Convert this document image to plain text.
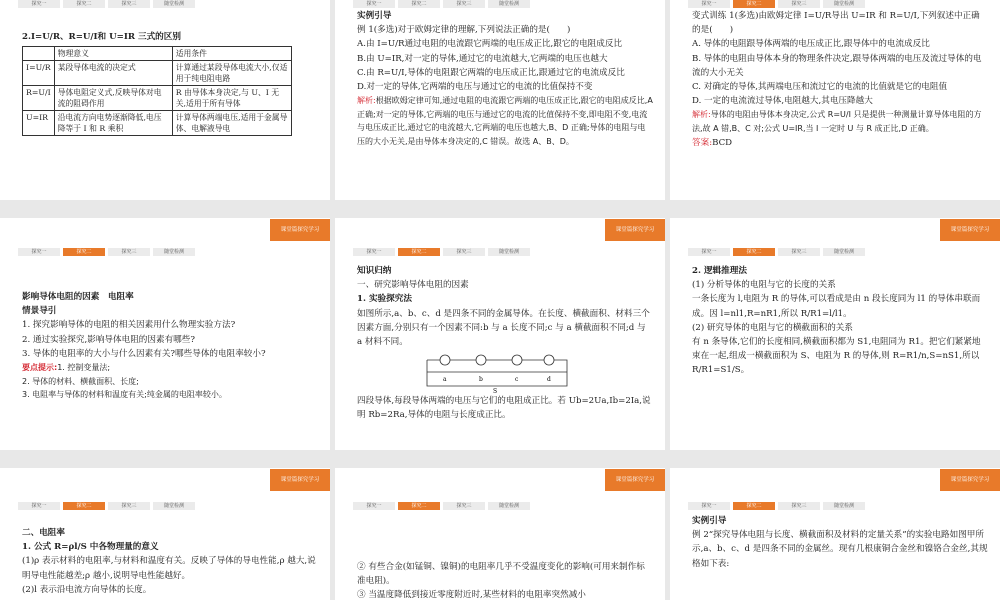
探究一	探究二	探究三	随堂检测

2.I=U/R、R=U/I和 U=IR 三式的区别

	物理意义	适用条件
I=U/R	某段导体电流的决定式	计算通过某段导体电流大小,仅适用于纯电阻电路
R=U/I	导体电阻定义式,反映导体对电流的阻碍作用	R 由导体本身决定,与 U、I 无关,适用于所有导体
U=IR	沿电流方向电势逐渐降低,电压降等于 I 和 R 乘积	计算导体两端电压,适用于金属导体、电解液导电
探究一	探究二	探究三	随堂检测

实例引导

例 1(多选)对于欧姆定律的理解,下列说法正确的是(　　)

A.由 I=U/R通过电阻的电流跟它两端的电压成正比,跟它的电阻成反比

B.由 U=IR,对一定的导体,通过它的电流越大,它两端的电压也越大

C.由 R=U/I,导体的电阻跟它两端的电压成正比,跟通过它的电流成反比

D.对一定的导体,它两端的电压与通过它的电流的比值保持不变

解析:根据欧姆定律可知,通过电阻的电流跟它两端的电压成正比,跟它的电阻成反比,A 正确;对一定的导体,它两端的电压与通过它的电流的比值保持不变,即电阻不变,电流与电压成正比,通过它的电流越大,它两端的电压也越大,B、D 正确;导体的电阻与电压的大小无关,是由导体本身决定的,C 错误。故选 A、B、D。

探究一	探究二	探究三	随堂检测

变式训练 1(多选)由欧姆定律 I=U/R导出 U=IR 和 R=U/I,下列叙述中正确的是(　　)

A. 导体的电阻跟导体两端的电压成正比,跟导体中的电流成反比

B. 导体的电阻由导体本身的物理条件决定,跟导体两端的电压及流过导体的电流的大小无关

C. 对确定的导体,其两端电压和流过它的电流的比值就是它的电阻值

D. 一定的电流流过导体,电阻越大,其电压降越大

解析:导体的电阻由导体本身决定,公式 R=U/I 只是提供一种测量计算导体电阻的方法,故 A 错,B、C 对;公式 U=IR,当 I 一定时 U 与 R 成正比,D 正确。

答案:BCD

探究一	探究二	探究三	随堂检测
课堂篇探究学习

影响导体电阻的因素　电阻率

情景导引

1. 探究影响导体的电阻的相关因素用什么物理实验方法?

2. 通过实验探究,影响导体电阻的因素有哪些?

3. 导体的电阻率的大小与什么因素有关?哪些导体的电阻率较小?

要点提示:1. 控制变量法;

2. 导体的材料、横截面积、长度;

3. 电阻率与导体的材料和温度有关;纯金属的电阻率较小。

探究一	探究二	探究三	随堂检测
课堂篇探究学习

知识归纳

一、研究影响导体电阻的因素

1. 实验探究法

如图所示,a、b、c、d 是四条不同的金属导体。在长度、横截面积、材料三个因素方面,分别只有一个因素不同:b 与 a 长度不同;c 与 a 横截面积不同;d 与 a 材料不同。

a	b	c	d
S

四段导体,每段导体两端的电压与它们的电阻成正比。若 Ub=2Ua,Ib=2Ia,说明 Rb=2Ra,导体的电阻与长度成正比。

探究一	探究二	探究三	随堂检测
课堂篇探究学习

2. 逻辑推理法

(1) 分析导体的电阻与它的长度的关系

一条长度为 l,电阻为 R 的导体,可以看成是由 n 段长度同为 l1 的导体串联而成。因 l=nl1,R=nR1,所以 R/R1=l/l1。

(2) 研究导体的电阻与它的横截面积的关系

有 n 条导体,它们的长度相同,横截面积都为 S1,电阻同为 R1。把它们紧紧地束在一起,组成一横截面积为 S、电阻为 R 的导体,则 R=R1/n,S=nS1,所以 R/R1=S1/S。

探究一	探究二	探究三	随堂检测
课堂篇探究学习

二、电阻率

1. 公式 R=ρl/S 中各物理量的意义

(1)ρ 表示材料的电阻率,与材料和温度有关。反映了导体的导电性能,ρ 越大,说明导电性能越差;ρ 越小,说明导电性能越好。

(2)l 表示沿电流方向导体的长度。

探究一	探究二	探究三	随堂检测
课堂篇探究学习

② 有些合金(如锰铜、镍铜)的电阻率几乎不受温度变化的影响(可用来制作标准电阻)。

③ 当温度降低到接近零度附近时,某些材料的电阻率突然减小

探究一	探究二	探究三	随堂检测
课堂篇探究学习

实例引导

例 2“探究导体电阻与长度、横截面积及材料的定量关系”的实验电路如图甲所示,a、b、c、d 是四条不同的金属丝。现有几根康铜合金丝和镍铬合金丝,其规格如下表:
